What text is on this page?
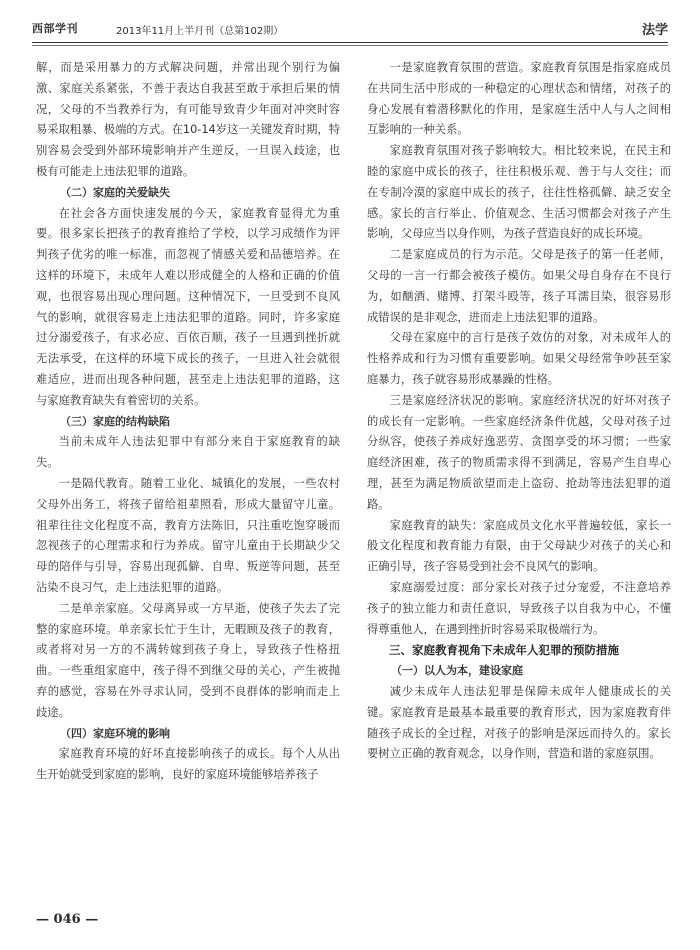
西部学刊	2013年11月上半月刊（总第102期）	法学

解，而是采用暴力的方式解决问题，并常出现个别行为偏激、家庭关系紧张，不善于表达自我甚至敢于承担后果的情况，父母的不当教养行为，有可能导致青少年面对冲突时容易采取粗暴、极端的方式。在10-14岁这一关键发育时期，特别容易会受到外部环境影响并产生逆反，一旦误入歧途，也极有可能走上违法犯罪的道路。

（二）家庭的关爱缺失

在社会各方面快速发展的今天，家庭教育显得尤为重要。很多家长把孩子的教育推给了学校，以学习成绩作为评判孩子优劣的唯一标准，而忽视了情感关爱和品德培养。在这样的环境下，未成年人难以形成健全的人格和正确的价值观，也很容易出现心理问题。这种情况下，一旦受到不良风气的影响，就很容易走上违法犯罪的道路。同时，许多家庭过分溺爱孩子，有求必应、百依百顺，孩子一旦遇到挫折就无法承受，在这样的环境下成长的孩子，一旦进入社会就很难适应，进而出现各种问题，甚至走上违法犯罪的道路，这与家庭教育缺失有着密切的关系。

（三）家庭的结构缺陷

当前未成年人违法犯罪中有部分来自于家庭教育的缺失。

一是隔代教育。随着工业化、城镇化的发展，一些农村父母外出务工，将孩子留给祖辈照看，形成大量留守儿童。祖辈往往文化程度不高，教育方法陈旧，只注重吃饱穿暖而忽视孩子的心理需求和行为养成。留守儿童由于长期缺少父母的陪伴与引导，容易出现孤僻、自卑、叛逆等问题，甚至沾染不良习气，走上违法犯罪的道路。

二是单亲家庭。父母离异或一方早逝，使孩子失去了完整的家庭环境。单亲家长忙于生计，无暇顾及孩子的教育，或者将对另一方的不满转嫁到孩子身上，导致孩子性格扭曲。一些重组家庭中，孩子得不到继父母的关心，产生被抛弃的感觉，容易在外寻求认同，受到不良群体的影响而走上歧途。

（四）家庭环境的影响

家庭教育环境的好坏直接影响孩子的成长。每个人从出生开始就受到家庭的影响，良好的家庭环境能够培养孩子

一是家庭教育氛围的营造。家庭教育氛围是指家庭成员在共同生活中形成的一种稳定的心理状态和情绪，对孩子的身心发展有着潜移默化的作用，是家庭生活中人与人之间相互影响的一种关系。

家庭教育氛围对孩子影响较大。相比较来说，在民主和睦的家庭中成长的孩子，往往积极乐观、善于与人交往；而在专制冷漠的家庭中成长的孩子，往往性格孤僻、缺乏安全感。家长的言行举止、价值观念、生活习惯都会对孩子产生影响，父母应当以身作则，为孩子营造良好的成长环境。

二是家庭成员的行为示范。父母是孩子的第一任老师，父母的一言一行都会被孩子模仿。如果父母自身存在不良行为，如酗酒、赌博、打架斗殴等，孩子耳濡目染，很容易形成错误的是非观念，进而走上违法犯罪的道路。

父母在家庭中的言行是孩子效仿的对象，对未成年人的性格养成和行为习惯有重要影响。如果父母经常争吵甚至家庭暴力，孩子就容易形成暴躁的性格。

三是家庭经济状况的影响。家庭经济状况的好坏对孩子的成长有一定影响。一些家庭经济条件优越，父母对孩子过分纵容，使孩子养成好逸恶劳、贪图享受的坏习惯；一些家庭经济困难，孩子的物质需求得不到满足，容易产生自卑心理，甚至为满足物质欲望而走上盗窃、抢劫等违法犯罪的道路。

家庭教育的缺失：家庭成员文化水平普遍较低，家长一般文化程度和教育能力有限，由于父母缺少对孩子的关心和正确引导，孩子容易受到社会不良风气的影响。

家庭溺爱过度：部分家长对孩子过分宠爱，不注意培养孩子的独立能力和责任意识，导致孩子以自我为中心，不懂得尊重他人，在遇到挫折时容易采取极端行为。

三、家庭教育视角下未成年人犯罪的预防措施

（一）以人为本，建设家庭

减少未成年人违法犯罪是保障未成年人健康成长的关键。家庭教育是最基本最重要的教育形式，因为家庭教育伴随孩子成长的全过程，对孩子的影响是深远而持久的。家长要树立正确的教育观念，以身作则，营造和谐的家庭氛围。

— 046 —
